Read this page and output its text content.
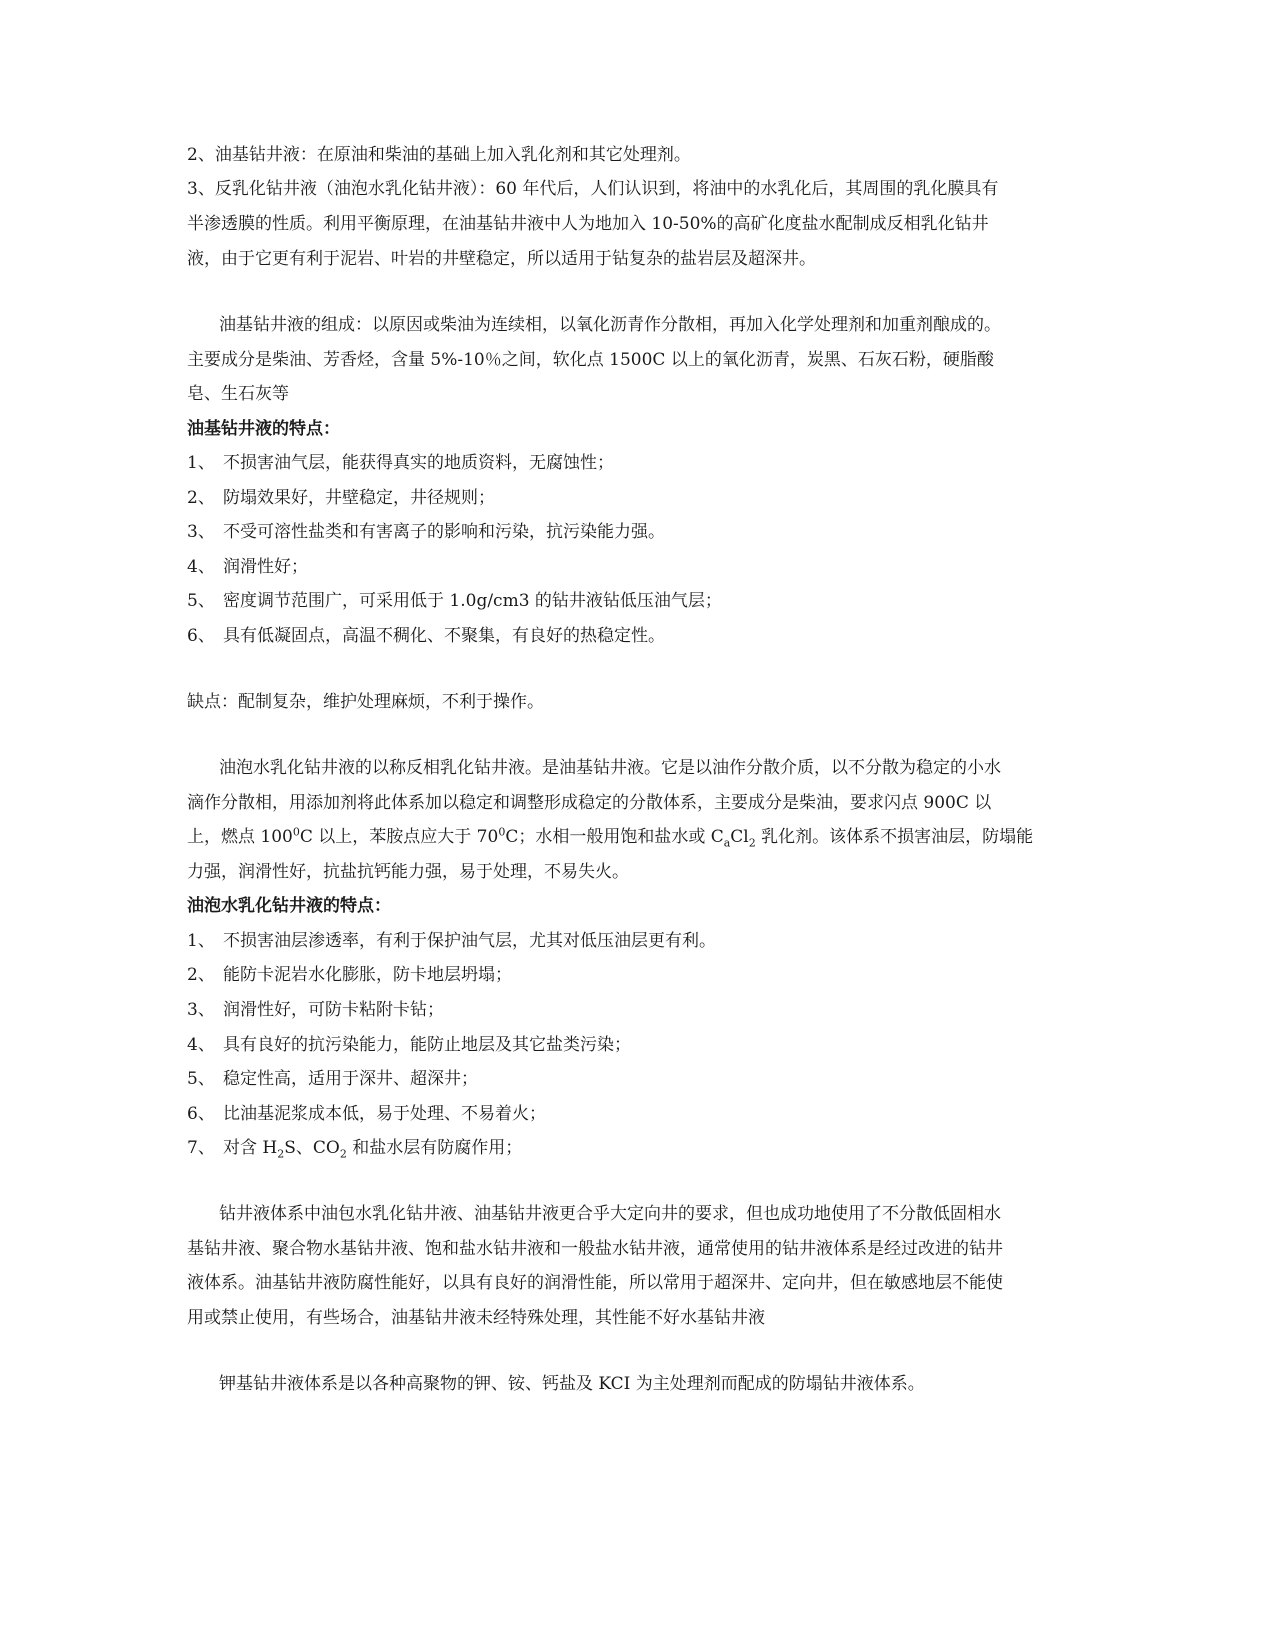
2、油基钻井液：在原油和柴油的基础上加入乳化剂和其它处理剂。
3、反乳化钻井液（油泡水乳化钻井液）：60 年代后，人们认识到，将油中的水乳化后，其周围的乳化膜具有
半渗透膜的性质。利用平衡原理，在油基钻井液中人为地加入 10-50%的高矿化度盐水配制成反相乳化钻井
液，由于它更有利于泥岩、叶岩的井壁稳定，所以适用于钻复杂的盐岩层及超深井。
油基钻井液的组成：以原因或柴油为连续相，以氧化沥青作分散相，再加入化学处理剂和加重剂酿成的。
主要成分是柴油、芳香烃，含量 5%-10％之间，软化点 1500C 以上的氧化沥青，炭黑、石灰石粉，硬脂酸
皂、生石灰等
油基钻井液的特点：
1、 不损害油气层，能获得真实的地质资料，无腐蚀性；
2、 防塌效果好，井壁稳定，井径规则；
3、 不受可溶性盐类和有害离子的影响和污染，抗污染能力强。
4、 润滑性好；
5、 密度调节范围广，可采用低于 1.0g/cm3 的钻井液钻低压油气层；
6、 具有低凝固点，高温不稠化、不聚集，有良好的热稳定性。
缺点：配制复杂，维护处理麻烦，不利于操作。
油泡水乳化钻井液的以称反相乳化钻井液。是油基钻井液。它是以油作分散介质，以不分散为稳定的小水
滴作分散相，用添加剂将此体系加以稳定和调整形成稳定的分散体系，主要成分是柴油，要求闪点 900C 以
上，燃点 $100^0C$ 以上，苯胺点应大于 $70^0C$；水相一般用饱和盐水或 $C_aCl_2$ 乳化剂。该体系不损害油层，防塌能
力强，润滑性好，抗盐抗钙能力强，易于处理，不易失火。
油泡水乳化钻井液的特点：
1、 不损害油层渗透率，有利于保护油气层，尤其对低压油层更有利。
2、 能防卡泥岩水化膨胀，防卡地层坍塌；
3、 润滑性好，可防卡粘附卡钻；
4、 具有良好的抗污染能力，能防止地层及其它盐类污染；
5、 稳定性高，适用于深井、超深井；
6、 比油基泥浆成本低，易于处理、不易着火；
7、 对含 $H_2S$、$CO_2$ 和盐水层有防腐作用；
钻井液体系中油包水乳化钻井液、油基钻井液更合乎大定向井的要求，但也成功地使用了不分散低固相水
基钻井液、聚合物水基钻井液、饱和盐水钻井液和一般盐水钻井液，通常使用的钻井液体系是经过改进的钻井
液体系。油基钻井液防腐性能好，以具有良好的润滑性能，所以常用于超深井、定向井，但在敏感地层不能使
用或禁止使用，有些场合，油基钻井液未经特殊处理，其性能不好水基钻井液
钾基钻井液体系是以各种高聚物的钾、铵、钙盐及 KCI 为主处理剂而配成的防塌钻井液体系。
